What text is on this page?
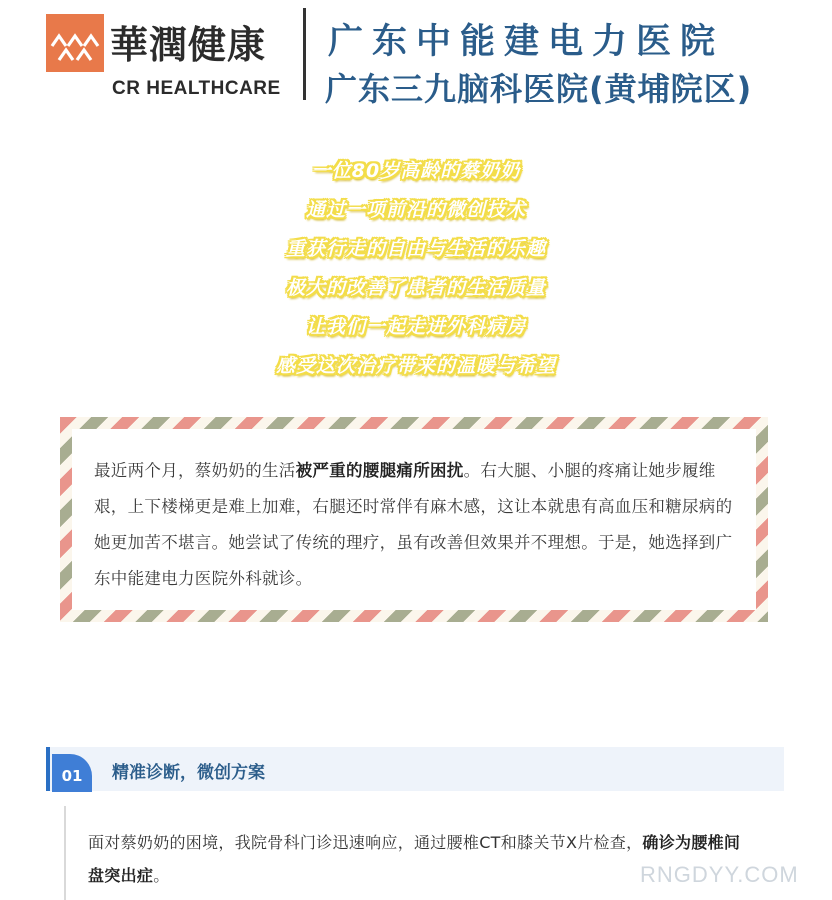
華潤健康
CR HEALTHCARE
广东中能建电力医院
广东三九脑科医院(黄埔院区)
一位80岁高龄的蔡奶奶
通过一项前沿的微创技术
重获行走的自由与生活的乐趣
极大的改善了患者的生活质量
让我们一起走进外科病房
感受这次治疗带来的温暖与希望

最近两个月，蔡奶奶的生活被严重的腰腿痛所困扰。右大腿、小腿的疼痛让她步履维艰，上下楼梯更是难上加难，右腿还时常伴有麻木感，这让本就患有高血压和糖尿病的她更加苦不堪言。她尝试了传统的理疗，虽有改善但效果并不理想。于是，她选择到广东中能建电力医院外科就诊。

01	精准诊断，微创方案

面对蔡奶奶的困境，我院骨科门诊迅速响应，通过腰椎CT和膝关节X片检查，确诊为腰椎间盘突出症。	RNGDYY.COM
